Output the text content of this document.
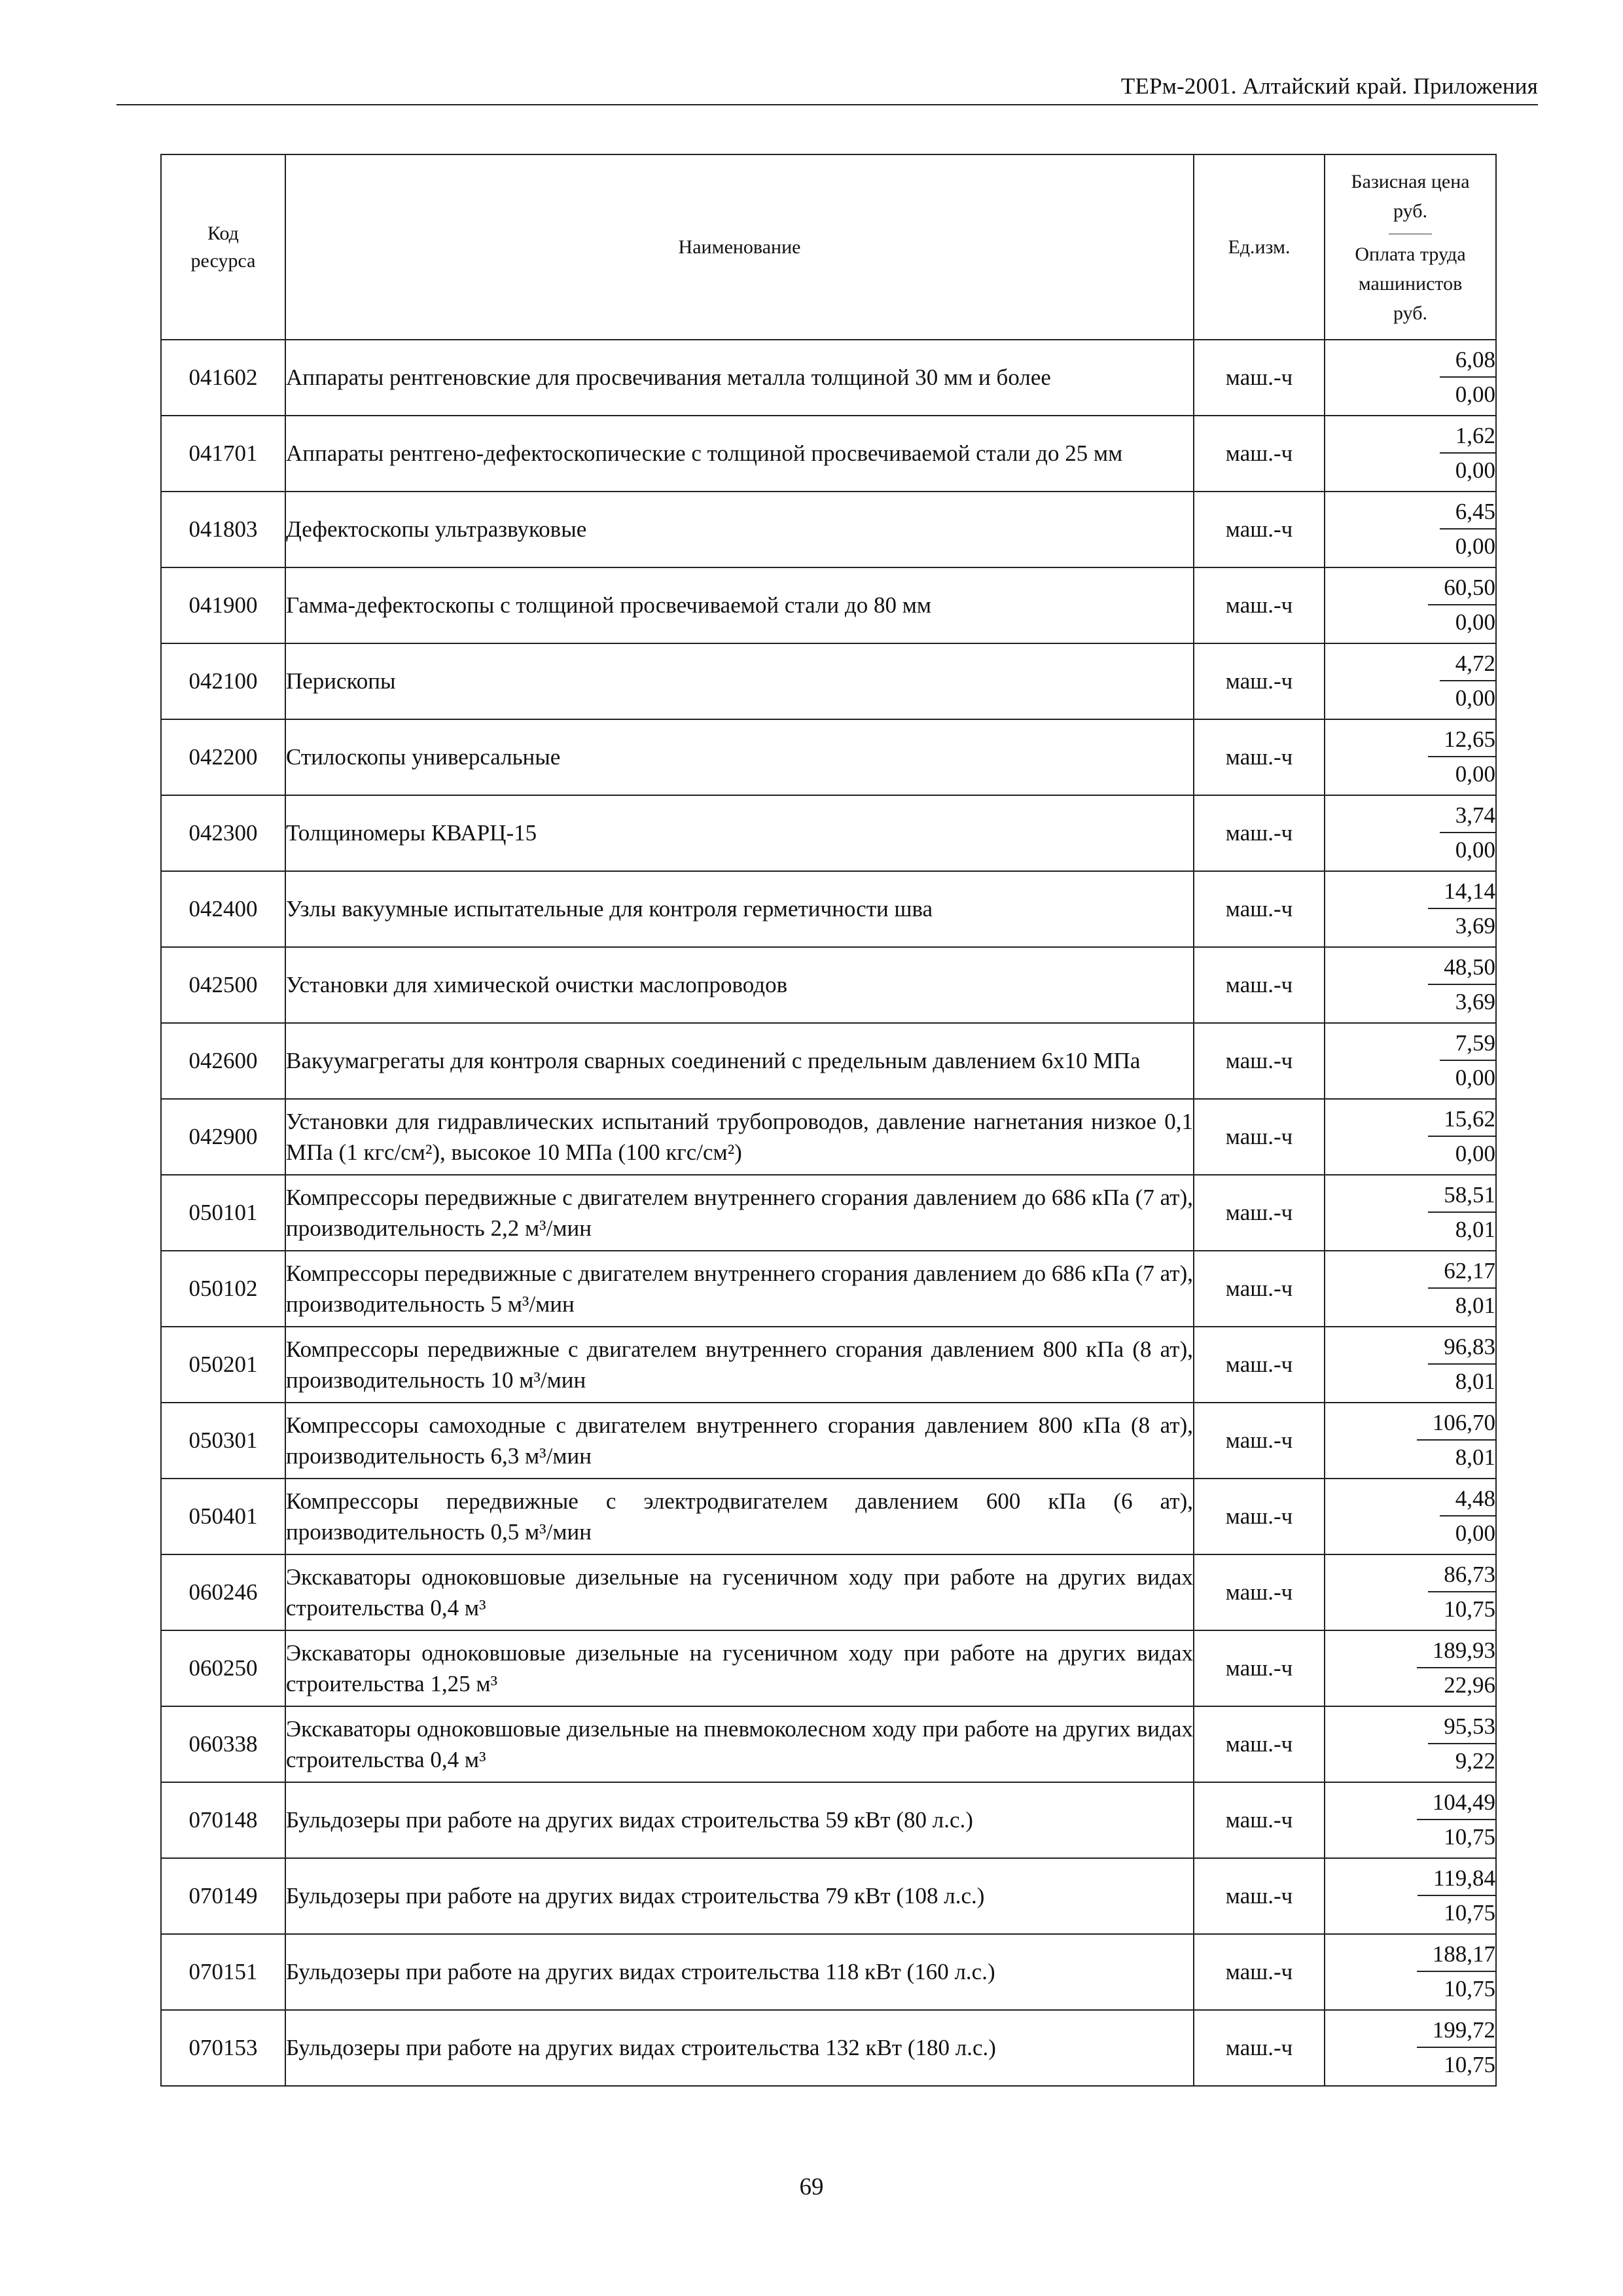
ТЕРм-2001. Алтайский край. Приложения
Код ресурса	Наименование	Ед.изм.	Базисная цена
руб.
Оплата труда
машинистов
руб.

041602	Аппараты рентгеновские для просвечивания металла толщиной 30 мм и более	маш.-ч	$\frac{6,08}{0,00}$

041701	Аппараты рентгено-дефектоскопические с толщиной просвечиваемой стали до 25 мм	маш.-ч	$\frac{1,62}{0,00}$

041803	Дефектоскопы ультразвуковые	маш.-ч	$\frac{6,45}{0,00}$

041900	Гамма-дефектоскопы с толщиной просвечиваемой стали до 80 мм	маш.-ч	$\frac{60,50}{0,00}$

042100	Перископы	маш.-ч	$\frac{4,72}{0,00}$

042200	Стилоскопы универсальные	маш.-ч	$\frac{12,65}{0,00}$

042300	Толщиномеры КВАРЦ-15	маш.-ч	$\frac{3,74}{0,00}$

042400	Узлы вакуумные испытательные для контроля герметичности шва	маш.-ч	$\frac{14,14}{3,69}$

042500	Установки для химической очистки маслопроводов	маш.-ч	$\frac{48,50}{3,69}$

042600	Вакуумагрегаты для контроля сварных соединений с предельным давлением 6х10 МПа	маш.-ч	$\frac{7,59}{0,00}$

042900	Установки для гидравлических испытаний трубопроводов, давление нагнетания низкое 0,1 МПа (1 кгс/см²), высокое 10 МПа (100 кгс/см²)	маш.-ч	$\frac{15,62}{0,00}$

050101	Компрессоры передвижные с двигателем внутреннего сгорания давлением до 686 кПа (7 ат), производительность 2,2 м³/мин	маш.-ч	$\frac{58,51}{8,01}$

050102	Компрессоры передвижные с двигателем внутреннего сгорания давлением до 686 кПа (7 ат), производительность 5 м³/мин	маш.-ч	$\frac{62,17}{8,01}$

050201	Компрессоры передвижные с двигателем внутреннего сгорания давлением 800 кПа (8 ат), производительность 10 м³/мин	маш.-ч	$\frac{96,83}{8,01}$

050301	Компрессоры самоходные с двигателем внутреннего сгорания давлением 800 кПа (8 ат), производительность 6,3 м³/мин	маш.-ч	$\frac{106,70}{8,01}$

050401	Компрессоры передвижные с электродвигателем давлением 600 кПа (6 ат), производительность 0,5 м³/мин	маш.-ч	$\frac{4,48}{0,00}$

060246	Экскаваторы одноковшовые дизельные на гусеничном ходу при работе на других видах строительства 0,4 м³	маш.-ч	$\frac{86,73}{10,75}$

060250	Экскаваторы одноковшовые дизельные на гусеничном ходу при работе на других видах строительства 1,25 м³	маш.-ч	$\frac{189,93}{22,96}$

060338	Экскаваторы одноковшовые дизельные на пневмоколесном ходу при работе на других видах строительства 0,4 м³	маш.-ч	$\frac{95,53}{9,22}$

070148	Бульдозеры при работе на других видах строительства 59 кВт (80 л.с.)	маш.-ч	$\frac{104,49}{10,75}$

070149	Бульдозеры при работе на других видах строительства 79 кВт (108 л.с.)	маш.-ч	$\frac{119,84}{10,75}$

070151	Бульдозеры при работе на других видах строительства 118 кВт (160 л.с.)	маш.-ч	$\frac{188,17}{10,75}$

070153	Бульдозеры при работе на других видах строительства 132 кВт (180 л.с.)	маш.-ч	$\frac{199,72}{10,75}$
69
